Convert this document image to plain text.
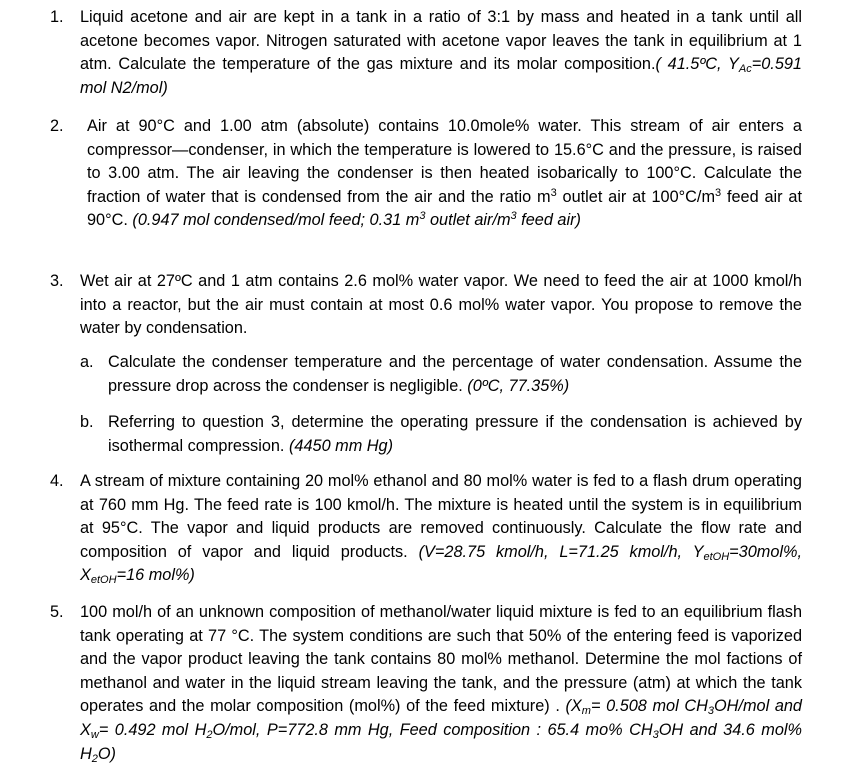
1.	Liquid acetone and air are kept in a tank in a ratio of 3:1 by mass and heated in a tank until all acetone becomes vapor. Nitrogen saturated with acetone vapor leaves the tank in equilibrium at 1 atm. Calculate the temperature of the gas mixture and its molar composition.( 41.5ºC, $Y_{Ac}=0.591$ mol N2/mol)
2.	Air at 90°C and 1.00 atm (absolute) contains 10.0mole% water. This stream of air enters a compressor—condenser, in which the temperature is lowered to 15.6°C and the pressure, is raised to 3.00 atm. The air leaving the condenser is then heated isobarically to 100°C. Calculate the fraction of water that is condensed from the air and the ratio $m^3$ outlet air at $100^\circ C/m^3$ feed air at 90°C. (0.947 mol condensed/mol feed; 0.31 $m^3$ outlet air/$m^3$ feed air)
3.	Wet air at 27ºC and 1 atm contains 2.6 mol% water vapor. We need to feed the air at 1000 kmol/h into a reactor, but the air must contain at most 0.6 mol% water vapor. You propose to remove the water by condensation.
a. Calculate the condenser temperature and the percentage of water condensation. Assume the pressure drop across the condenser is negligible. (0ºC, 77.35%)
b. Referring to question 3, determine the operating pressure if the condensation is achieved by isothermal compression. (4450 mm Hg)
4.	A stream of mixture containing 20 mol% ethanol and 80 mol% water is fed to a flash drum operating at 760 mm Hg. The feed rate is 100 kmol/h. The mixture is heated until the system is in equilibrium at 95°C. The vapor and liquid products are removed continuously. Calculate the flow rate and composition of vapor and liquid products. (V=28.75 kmol/h, L=71.25 kmol/h, $Y_{etOH}=30mol\%$, $X_{etOH}=16$ mol%)
5.	100 mol/h of an unknown composition of methanol/water liquid mixture is fed to an equilibrium flash tank operating at 77 °C. The system conditions are such that 50% of the entering feed is vaporized and the vapor product leaving the tank contains 80 mol% methanol. Determine the mol factions of methanol and water in the liquid stream leaving the tank, and the pressure (atm) at which the tank operates and the molar composition (mol%) of the feed mixture) . ($X_m= 0.508$ mol $CH_3OH$/mol and $X_w= 0.492$ mol $H_2O$/mol, P=772.8 mm Hg, Feed composition : 65.4 mo% $CH_3OH$ and 34.6 mol% $H_2O$)
